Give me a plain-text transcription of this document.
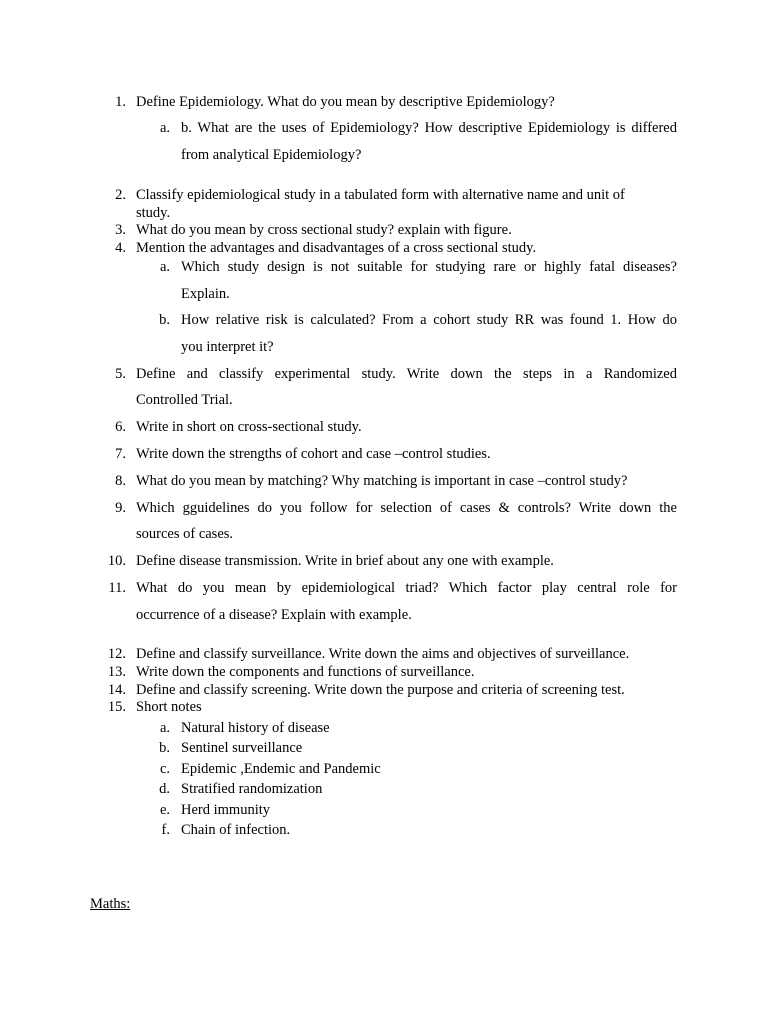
1. Define Epidemiology. What do you mean by descriptive Epidemiology?
a. b. What are the uses of Epidemiology? How descriptive Epidemiology is differed
from analytical Epidemiology?
2. Classify epidemiological study in a tabulated form with alternative name and unit of
study.
3. What do you mean by cross sectional study? explain with figure.
4. Mention the advantages and disadvantages of a cross sectional study.
a. Which study design is not suitable for studying rare or highly fatal diseases?
Explain.
b. How relative risk is calculated? From a cohort study RR was found 1. How do
you interpret it?
5. Define and classify experimental study. Write down the steps in a Randomized
Controlled Trial.
6. Write in short on cross-sectional study.
7. Write down the strengths of cohort and case –control studies.
8. What do you mean by matching? Why matching is important in case –control study?
9. Which gguidelines do you follow for selection of cases & controls? Write down the
sources of cases.
10. Define disease transmission. Write in brief about any one with example.
11. What do you mean by epidemiological triad? Which factor play central role for
occurrence of a disease? Explain with example.
12. Define and classify surveillance. Write down the aims and objectives of surveillance.
13. Write down the components and functions of surveillance.
14. Define and classify screening. Write down the purpose and criteria of screening test.
15. Short notes
a. Natural history of disease
b. Sentinel surveillance
c. Epidemic ,Endemic and Pandemic
d. Stratified randomization
e. Herd immunity
f. Chain of infection.
Maths:
